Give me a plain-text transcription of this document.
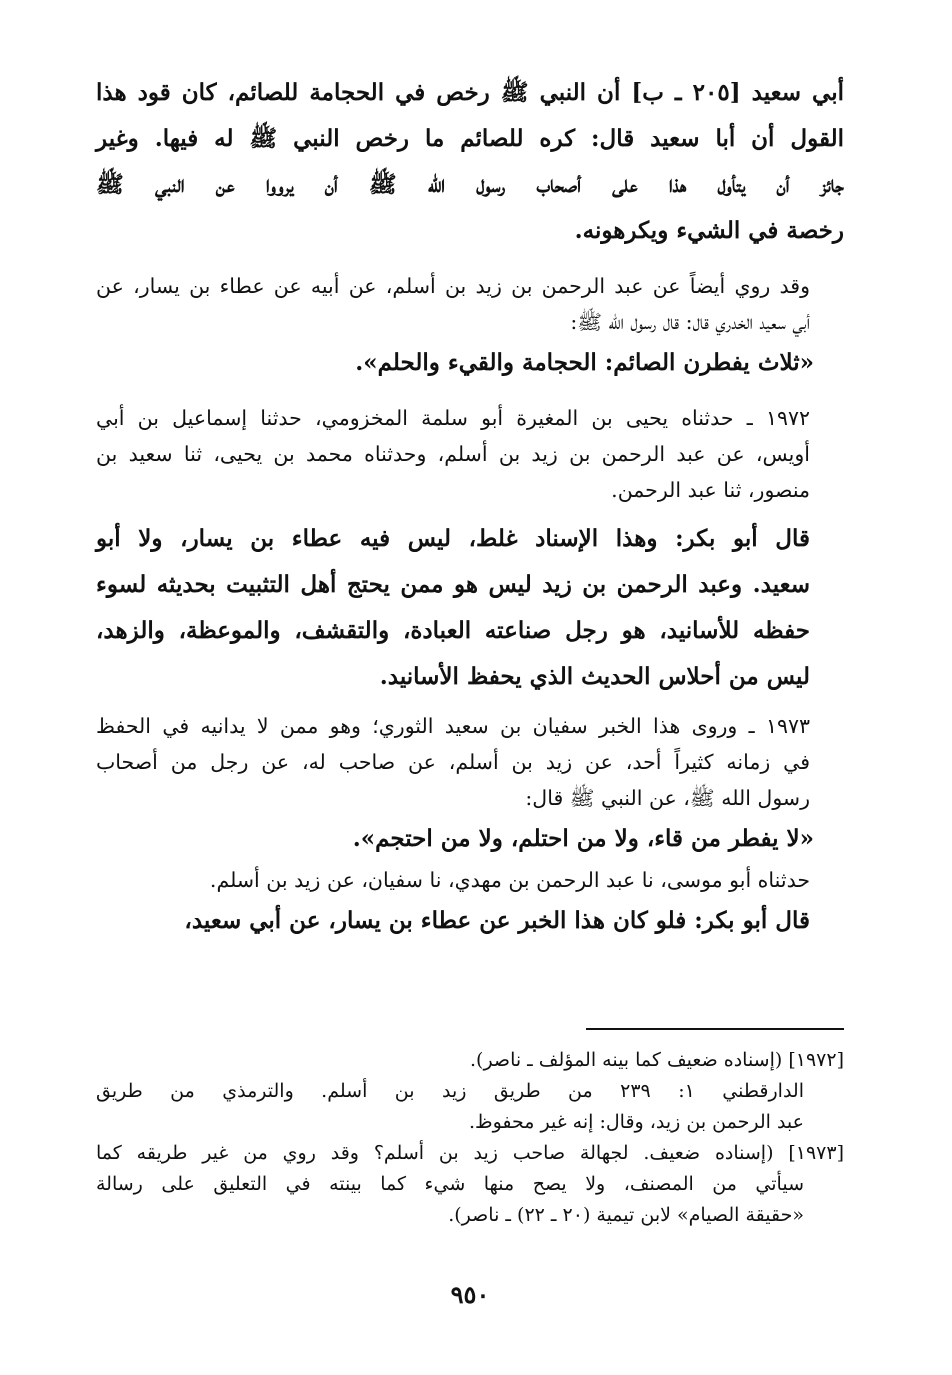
أبي سعيد [٢٠٥ ـ ب] أن النبي ﷺ رخص في الحجامة للصائم، كان قود هذا
القول أن أبا سعيد قال: كره للصائم ما رخص النبي ﷺ له فيها. وغير
جائز أن يتأول هذا على أصحاب رسول الله ﷺ أن يرووا عن النبي ﷺ
رخصة في الشيء ويكرهونه.

وقد روي أيضاً عن عبد الرحمن بن زيد بن أسلم، عن أبيه عن عطاء بن يسار، عن
أبي سعيد الخدري قال: قال رسول الله ﷺ:

«ثلاث يفطرن الصائم: الحجامة والقيء والحلم».

١٩٧٢ ـ حدثناه يحيى بن المغيرة أبو سلمة المخزومي، حدثنا إسماعيل بن أبي
أويس، عن عبد الرحمن بن زيد بن أسلم، وحدثناه محمد بن يحيى، ثنا سعيد بن
منصور، ثنا عبد الرحمن.

قال أبو بكر: وهذا الإسناد غلط، ليس فيه عطاء بن يسار، ولا أبو
سعيد. وعبد الرحمن بن زيد ليس هو ممن يحتج أهل التثبيت بحديثه لسوء
حفظه للأسانيد، هو رجل صناعته العبادة، والتقشف، والموعظة، والزهد،
ليس من أحلاس الحديث الذي يحفظ الأسانيد.

١٩٧٣ ـ وروى هذا الخبر سفيان بن سعيد الثوري؛ وهو ممن لا يدانيه في الحفظ
في زمانه كثيراً أحد، عن زيد بن أسلم، عن صاحب له، عن رجل من أصحاب
رسول الله ﷺ، عن النبي ﷺ قال:

«لا يفطر من قاء، ولا من احتلم، ولا من احتجم».

حدثناه أبو موسى، نا عبد الرحمن بن مهدي، نا سفيان، عن زيد بن أسلم.

قال أبو بكر: فلو كان هذا الخبر عن عطاء بن يسار، عن أبي سعيد،

[١٩٧٢] (إسناده ضعيف كما بينه المؤلف ـ ناصر).
الدارقطني ١: ٢٣٩ من طريق زيد بن أسلم. والترمذي من طريق
عبد الرحمن بن زيد، وقال: إنه غير محفوظ.

[١٩٧٣] (إسناده ضعيف. لجهالة صاحب زيد بن أسلم؟ وقد روي من غير طريقه كما
سيأتي من المصنف، ولا يصح منها شيء كما بينته في التعليق على رسالة
«حقيقة الصيام» لابن تيمية (٢٠ ـ ٢٢) ـ ناصر).

٩٥٠
